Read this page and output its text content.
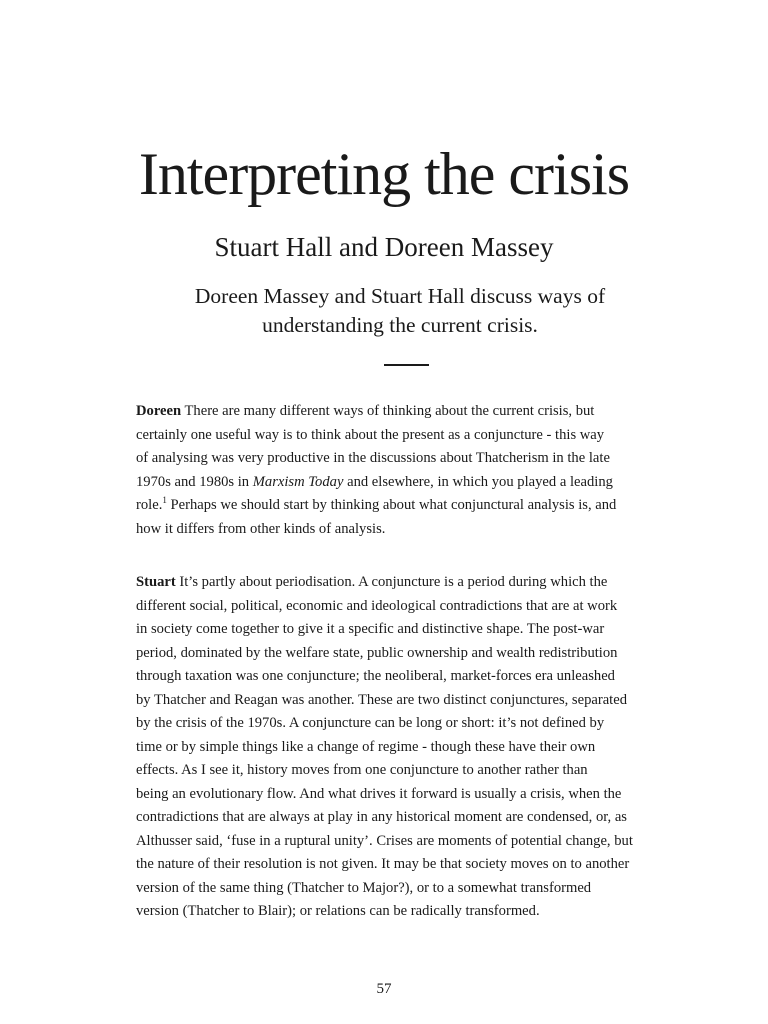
Interpreting the crisis
Stuart Hall and Doreen Massey

Doreen Massey and Stuart Hall discuss ways of
understanding the current crisis.

Doreen There are many different ways of thinking about the current crisis, but
certainly one useful way is to think about the present as a conjuncture - this way
of analysing was very productive in the discussions about Thatcherism in the late
1970s and 1980s in Marxism Today and elsewhere, in which you played a leading
role.$^1$ Perhaps we should start by thinking about what conjunctural analysis is, and
how it differs from other kinds of analysis.

Stuart It’s partly about periodisation. A conjuncture is a period during which the
different social, political, economic and ideological contradictions that are at work
in society come together to give it a specific and distinctive shape. The post-war
period, dominated by the welfare state, public ownership and wealth redistribution
through taxation was one conjuncture; the neoliberal, market-forces era unleashed
by Thatcher and Reagan was another. These are two distinct conjunctures, separated
by the crisis of the 1970s. A conjuncture can be long or short: it’s not defined by
time or by simple things like a change of regime - though these have their own
effects. As I see it, history moves from one conjuncture to another rather than
being an evolutionary flow. And what drives it forward is usually a crisis, when the
contradictions that are always at play in any historical moment are condensed, or, as
Althusser said, ‘fuse in a ruptural unity’. Crises are moments of potential change, but
the nature of their resolution is not given. It may be that society moves on to another
version of the same thing (Thatcher to Major?), or to a somewhat transformed
version (Thatcher to Blair); or relations can be radically transformed.

57
